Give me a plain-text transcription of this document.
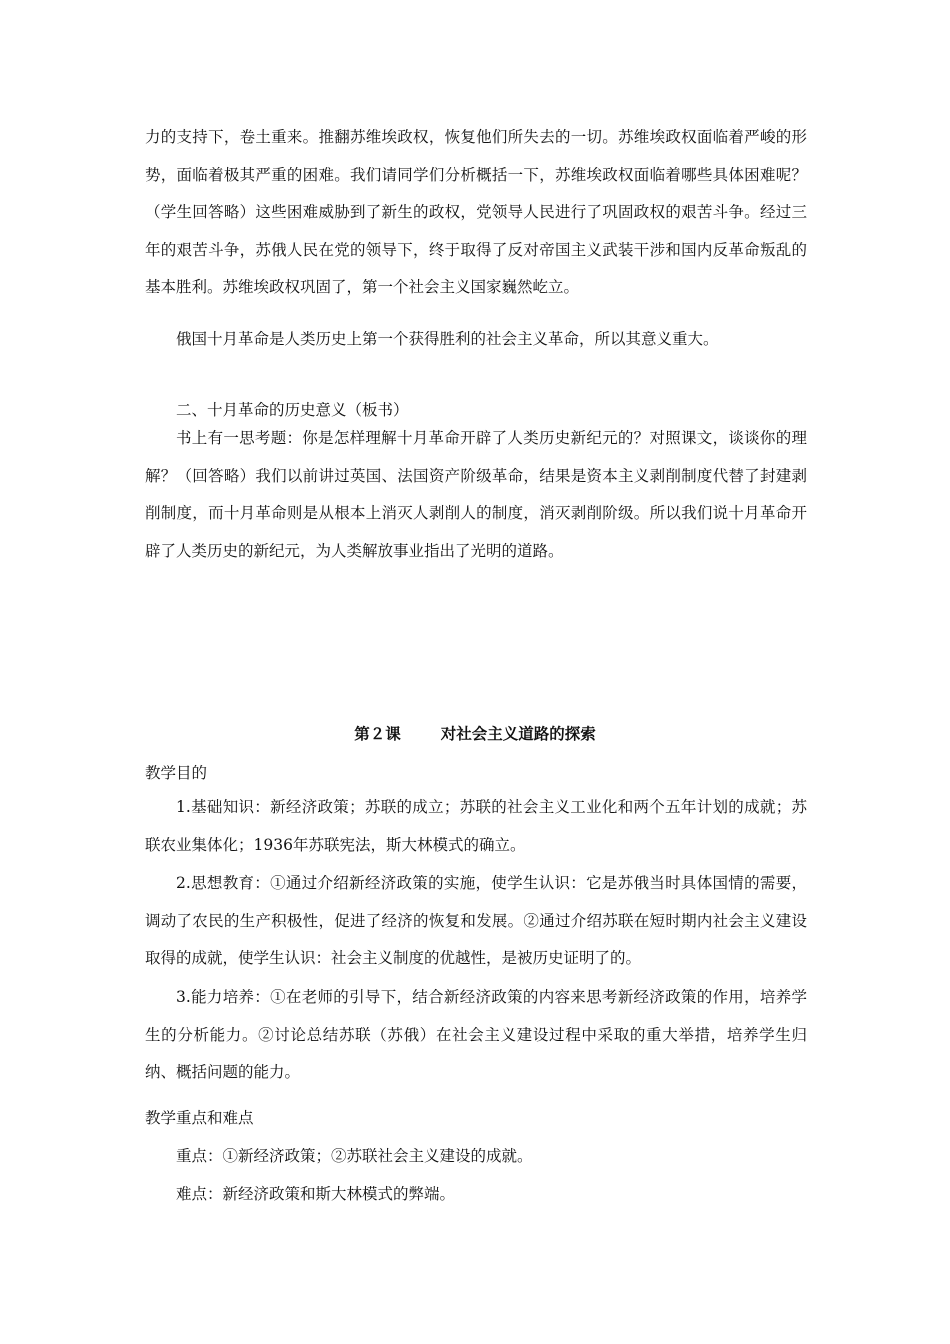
力的支持下，卷土重来。推翻苏维埃政权，恢复他们所失去的一切。苏维埃政权面临着严峻的形势，面临着极其严重的困难。我们请同学们分析概括一下，苏维埃政权面临着哪些具体困难呢？（学生回答略）这些困难威胁到了新生的政权，党领导人民进行了巩固政权的艰苦斗争。经过三年的艰苦斗争，苏俄人民在党的领导下，终于取得了反对帝国主义武装干涉和国内反革命叛乱的基本胜利。苏维埃政权巩固了，第一个社会主义国家巍然屹立。

俄国十月革命是人类历史上第一个获得胜利的社会主义革命，所以其意义重大。

二、十月革命的历史意义（板书）

书上有一思考题：你是怎样理解十月革命开辟了人类历史新纪元的？对照课文，谈谈你的理解？（回答略）我们以前讲过英国、法国资产阶级革命，结果是资本主义剥削制度代替了封建剥削制度，而十月革命则是从根本上消灭人剥削人的制度，消灭剥削阶级。所以我们说十月革命开辟了人类历史的新纪元，为人类解放事业指出了光明的道路。

第２课	对社会主义道路的探索

教学目的

1.基础知识：新经济政策；苏联的成立；苏联的社会主义工业化和两个五年计划的成就；苏联农业集体化；1936年苏联宪法，斯大林模式的确立。

2.思想教育：①通过介绍新经济政策的实施，使学生认识：它是苏俄当时具体国情的需要，调动了农民的生产积极性，促进了经济的恢复和发展。②通过介绍苏联在短时期内社会主义建设取得的成就，使学生认识：社会主义制度的优越性，是被历史证明了的。

3.能力培养：①在老师的引导下，结合新经济政策的内容来思考新经济政策的作用，培养学生的分析能力。②讨论总结苏联（苏俄）在社会主义建设过程中采取的重大举措，培养学生归纳、概括问题的能力。

教学重点和难点

重点：①新经济政策；②苏联社会主义建设的成就。

难点：新经济政策和斯大林模式的弊端。
